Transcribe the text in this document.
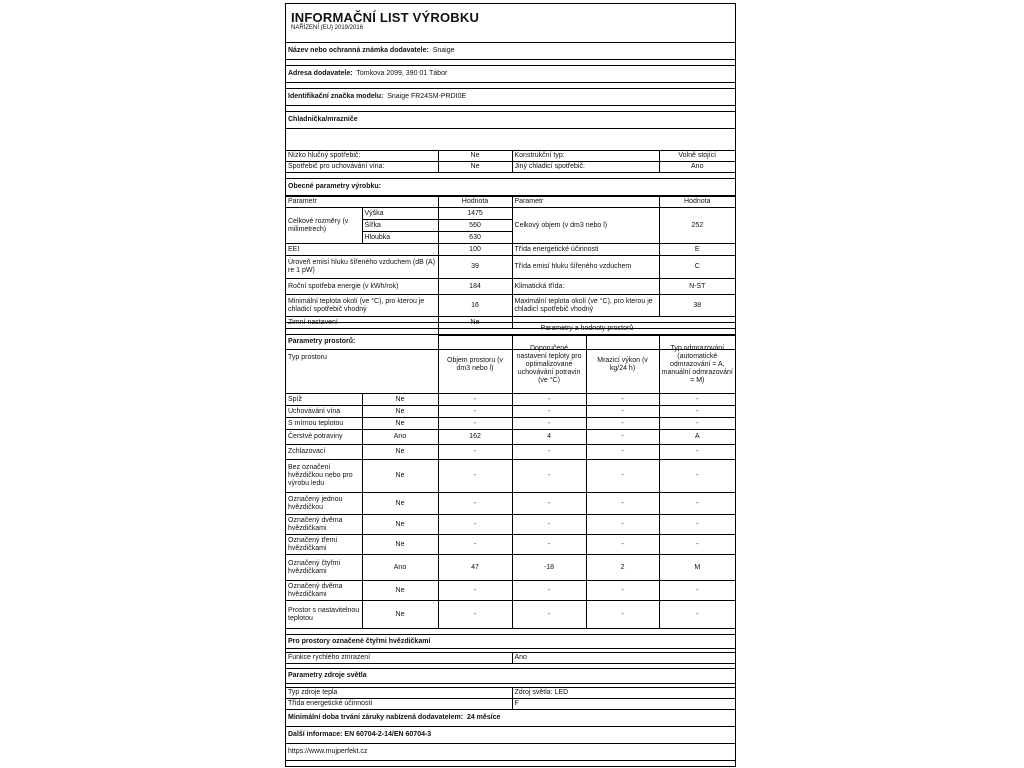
INFORMAČNÍ LIST VÝROBKU
NAŘÍZENÍ (EU) 2019/2016
Název nebo ochranná známka dodavatele: Snaige

Adresa dodavatele: Tomkova 2099, 390 01 Tábor

Identifikační značka modelu: Snaige FR24SM-PRDI0E

Chladnička/mrazniče
Nízko hlučný spotřebič:	Ne	Konstrukční typ:	Volně stojící
Spotřebič pro uchovávání vína:	Ne	Jiný chladicí spotřebič:	Ano

Obecné parametry výrobku:			
Parametr		Hodnota	Parametr	Hodnota
Celkové rozměry (v milimetrech)	Výška	1475	Celkový objem (v dm3 nebo l)	252
	Šířka	560		
	Hloubka	630		
EEI		100	Třída energetické účinnosti	E
Úroveň emisí hluku šířeného vzduchem (dB (A) re 1 pW)		39	Třída emisí hluku šířeného vzduchem	C
Roční spotřeba energie (v kWh/rok)		184	Klimatická třída:	N-ST
Minimální teplota okolí (ve °C), pro kterou je chladicí spotřebič vhodný		16	Maximální teplota okolí (ve °C), pro kterou je chladicí spotřebič vhodný	38
Zimní nastavení		Ne		

Parametry prostorů:				
Typ prostoru		Parametry a hodnoty prostorů			
		Objem prostoru (v dm3 nebo l)	Doporučené nastavení teploty pro optimalizované uchovávání potravin (ve °C)	Mrazicí výkon (v kg/24 h)	Typ odmrazování (automatické odmrazování = A, manuální odmrazování = M)
Spíž	Ne	-	-	-	-
Uchovávání vína	Ne	-	-	-	-
S mírnou teplotou	Ne	-	-	-	-
Čerstvé potraviny	Ano	162	4	-	A
Zchlazovací	Ne	-	-	-	-
Bez označení hvězdičkou nebo pro výrobu ledu	Ne	-	-	-	-
Označený jednou hvězdičkou	Ne	-	-	-	-
Označený dvěma hvězdičkami	Ne	-	-	-	-
Označený třemi hvězdičkami	Ne	-	-	-	-
Označený čtyřmi hvězdičkami	Ano	47	-18	2	M
Označený dvěma hvězdičkami	Ne	-	-	-	-
Prostor s nastavitelnou teplotou	Ne	-	-	-	-
Pro prostory označené čtyřmi hvězdičkami	

Funkce rychlého zmrazení	Ano

Parametry zdroje světla	

Typ zdroje tepla	Zdroj světla: LED
Třída energetické účinnosti	F
Minimální doba trvání záruky nabízená dodavatelem: 24 měsíce	
Další informace: EN 60704-2-14/EN 60704-3	
https://www.mujperfekt.cz	
